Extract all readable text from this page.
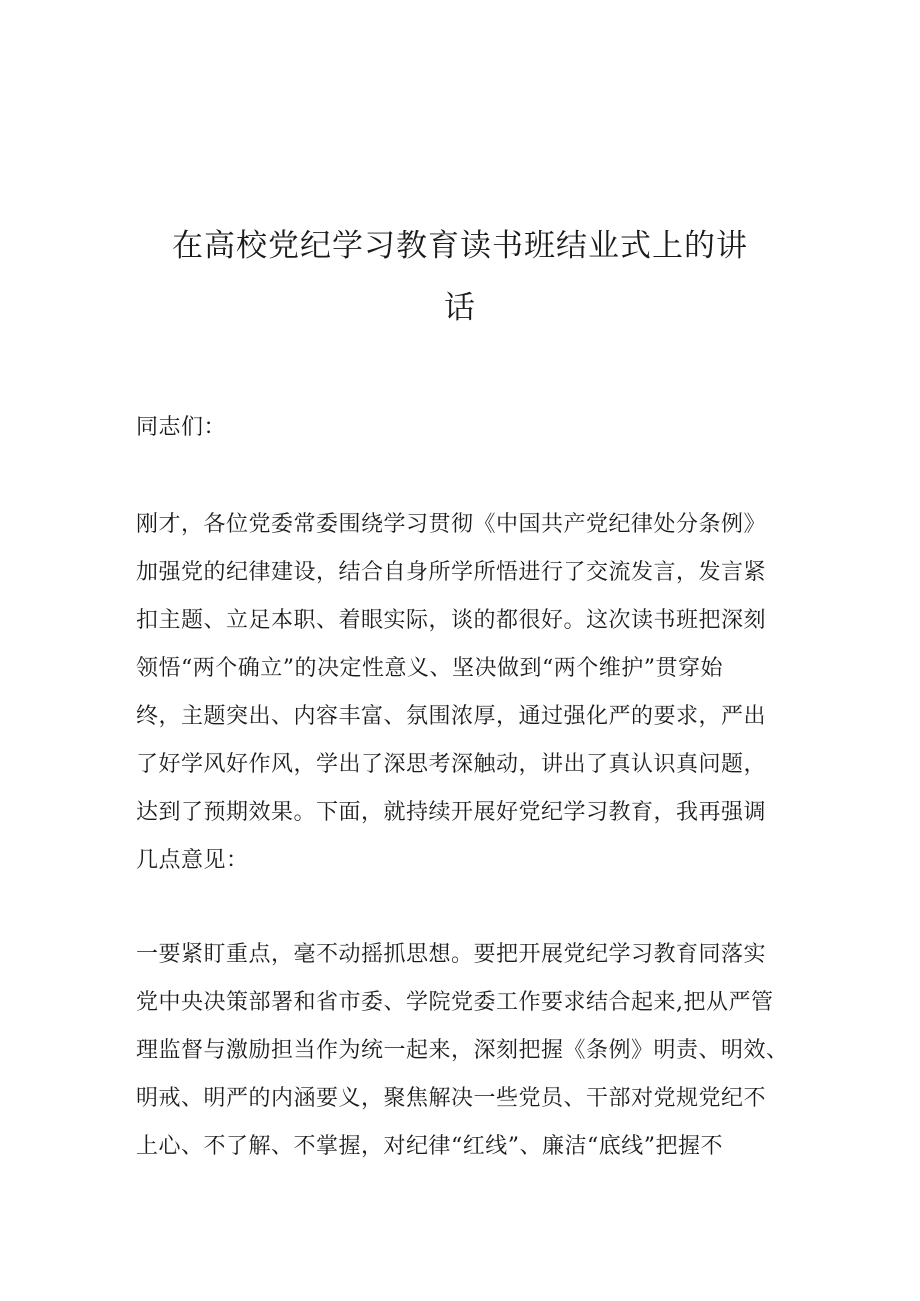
在高校党纪学习教育读书班结业式上的讲
话
同志们：
刚才，各位党委常委围绕学习贯彻《中国共产党纪律处分条例》
加强党的纪律建设，结合自身所学所悟进行了交流发言，发言紧
扣主题、立足本职、着眼实际，谈的都很好。这次读书班把深刻
领悟“两个确立”的决定性意义、坚决做到“两个维护”贯穿始
终，主题突出、内容丰富、氛围浓厚，通过强化严的要求，严出
了好学风好作风，学出了深思考深触动，讲出了真认识真问题，
达到了预期效果。下面，就持续开展好党纪学习教育，我再强调
几点意见：
一要紧盯重点，毫不动摇抓思想。要把开展党纪学习教育同落实
党中央决策部署和省市委、学院党委工作要求结合起来,把从严管
理监督与激励担当作为统一起来，深刻把握《条例》明责、明效、
明戒、明严的内涵要义，聚焦解决一些党员、干部对党规党纪不
上心、不了解、不掌握，对纪律“红线”、廉洁“底线”把握不
